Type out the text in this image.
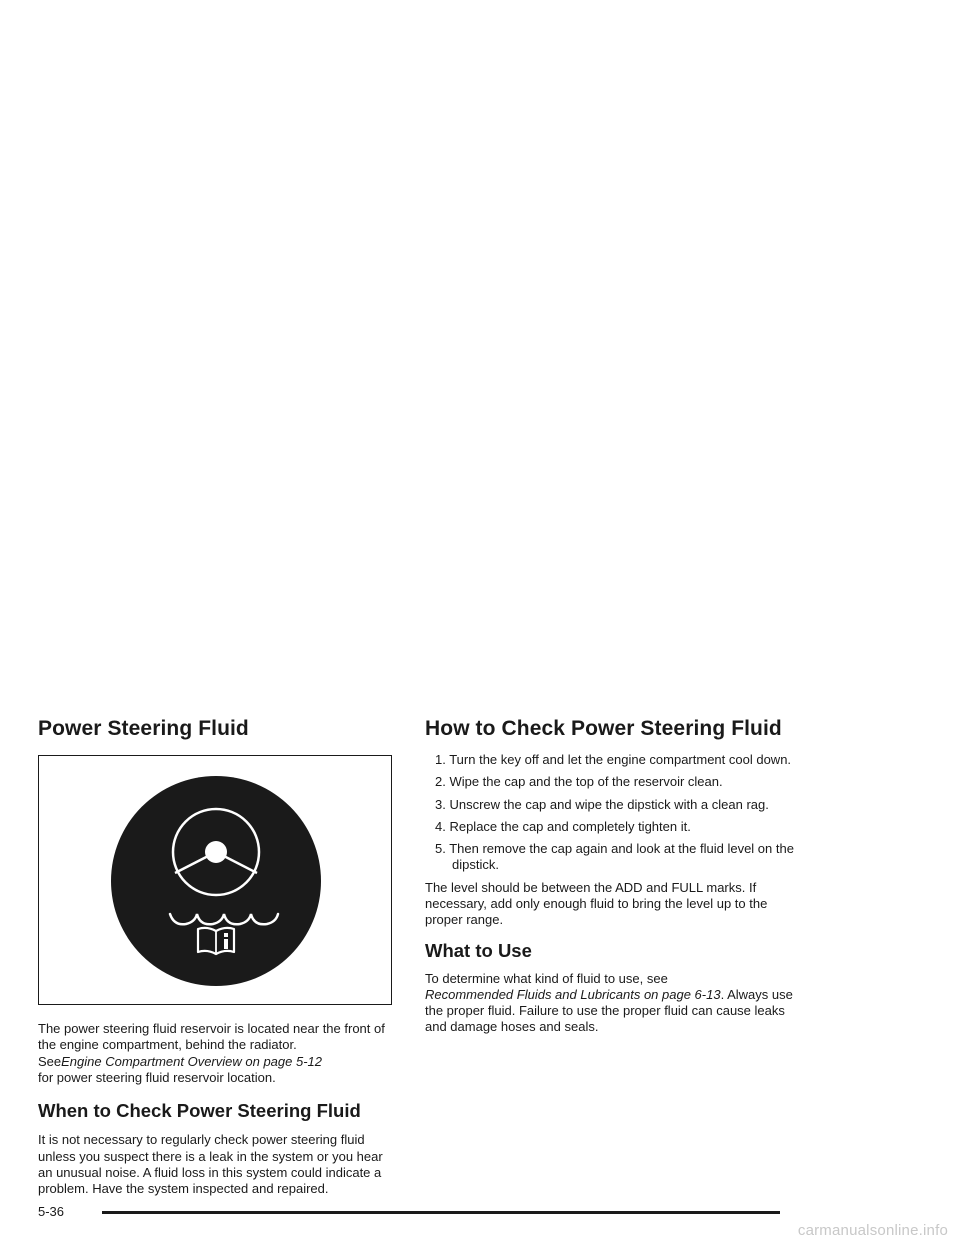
Power Steering Fluid

The power steering fluid reservoir is located near the front of the engine compartment, behind the radiator.
SeeEngine Compartment Overview on page 5-12
for power steering fluid reservoir location.

When to Check Power Steering Fluid

It is not necessary to regularly check power steering fluid unless you suspect there is a leak in the system or you hear an unusual noise. A fluid loss in this system could indicate a problem. Have the system inspected and repaired.

How to Check Power Steering Fluid
1. Turn the key off and let the engine compartment cool down.
2. Wipe the cap and the top of the reservoir clean.
3. Unscrew the cap and wipe the dipstick with a clean rag.
4. Replace the cap and completely tighten it.
5. Then remove the cap again and look at the fluid level on the dipstick.

The level should be between the ADD and FULL marks. If necessary, add only enough fluid to bring the level up to the proper range.

What to Use

To determine what kind of fluid to use, see
Recommended Fluids and Lubricants on page 6-13. Always use the proper fluid. Failure to use the proper fluid can cause leaks and damage hoses and seals.

5-36
carmanualsonline.info
